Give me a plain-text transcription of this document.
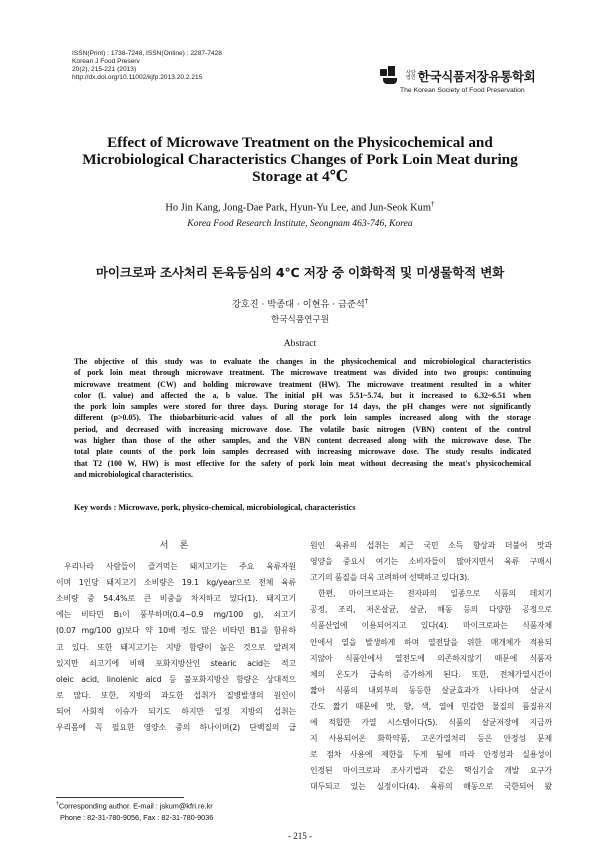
ISSN(Print) : 1738-7248, ISSN(Online) : 2287-7428
Korean J Food Preserv
20(2), 215-221 (2013)
http://dx.doi.org/10.11002/kjfp.2013.20.2.215
사단
법인 한국식품저장유통학회
The Korean Society of Food Preservation
Effect of Microwave Treatment on the Physicochemical and
Microbiological Characteristics Changes of Pork Loin Meat during
Storage at 4℃
Ho Jin Kang, Jong-Dae Park, Hyun-Yu Lee, and Jun-Seok Kum†
Korea Food Research Institute, Seongnam 463-746, Korea
마이크로파 조사처리 돈육등심의 4℃ 저장 중 이화학적 및 미생물학적 변화
강호진 · 박종대 · 이현유 · 금준석†
한국식품연구원
Abstract
The objective of this study was to evaluate the changes in the physicochemical and microbiological characteristics
of pork loin meat through microwave treatment. The microwave treatment was divided into two groups: continuing
microwave treatment (CW) and holding microwave treatment (HW). The microwave treatment resulted in a whiter
color (L value) and affected the a, b value. The initial pH was 5.51~5.74, but it increased to 6.32~6.51 when
the pork loin samples were stored for three days. During storage for 14 days, the pH changes were not significantly
different (p>0.05). The thiobarbituric-acid values of all the pork loin samples increased along with the storage
period, and decreased with increasing microwave dose. The volatile basic nitrogen (VBN) content of the control
was higher than those of the other samples, and the VBN content decreased along with the microwave dose. The
total plate counts of the pork loin samples decreased with increasing microwave dose. The study results indicated
that T2 (100 W, HW) is most effective for the safety of pork loin meat without decreasing the meat's physicochemical
and microbiological characteristics.
Key words : Microwave, pork, physico-chemical, microbiological, characteristics
서 론
우리나라 사람들이 즐겨먹는 돼지고기는 주요 육류자원
이며 1인당 돼지고기 소비량은 19.1 kg/year으로 전체 육류
소비량 중 54.4%로 큰 비중을 차지하고 있다(1). 돼지고기
에는 비타민 B₁이 풍부하며(0.4~0.9 mg/100 g), 쇠고기
(0.07 mg/100 g)보다 약 10배 정도 많은 비타민 B1을 함유하
고 있다. 또한 돼지고기는 지방 함량이 높은 것으로 알려져
있지만 쇠고기에 비해 포화지방산인 stearic acid는 적고
oleic acid, linolenic aicd 등 불포화지방산 함량은 상대적으
로 많다. 또한, 지방의 과도한 섭취가 질병발생의 원인이
되어 사회적 이슈가 되기도 하지만 일정 지방의 섭취는
우리몸에 꼭 필요한 영양소 중의 하나이며(2) 단백질의 급
원인 육류의 섭취는 최근 국민 소득 향상과 더불어 맛과
영양을 중요시 여기는 소비자들이 많아지면서 육류 구매시
고기의 품질을 더욱 고려하여 선택하고 있다(3).
한편, 마이크로파는 전자파의 일종으로 식품의 데치기
공정, 조리, 저온살균, 살균, 해동 등의 다양한 공정으로
식품산업에 이용되어지고 있다(4). 마이크로파는 식품자체
안에서 열을 발생하게 하며 열전달을 위한 매개체가 적용되
지않아 식품안에서 열전도에 의존하지않기 때문에 식품자
체의 온도가 급속히 증가하게 된다. 또한, 전체가열시간이
짧아 식품의 내외부의 동등한 살균효과가 나타나며 살균시
간도 짧기 때문에 맛, 향, 색, 열에 민감한 물질의 품질유지
에 적합한 가열 시스템이다(5). 식품의 살균저장에 지금까
지 사용되어온 화학약품, 고온가열처리 등은 안정성 문제
로 점차 사용에 제한을 두게 됨에 따라 안정성과 실용성이
인정된 마이크로파 조사기법과 같은 핵심기술 개발 요구가
대두되고 있는 실정이다(4). 육류의 해동으로 국한되어 왔
†Corresponding author. E-mail : jskum@kfri.re.kr
Phone : 82-31-780-9056, Fax : 82-31-780-9036
- 215 -
